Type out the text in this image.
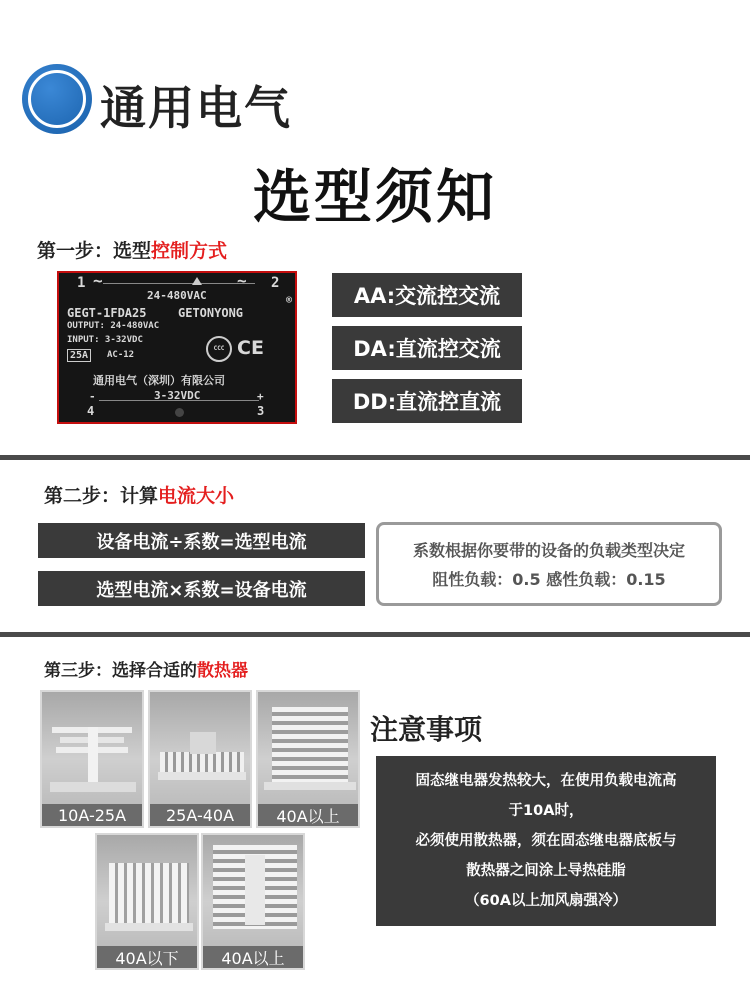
通用电气
选型须知
第一步：选型控制方式
1 ~	~ 2
24-480VAC
GEGT-1FDA25	GETONYONG
®
OUTPUT: 24-480VAC
INPUT: 3-32VDC
25A	AC-12
CCC CE
通用电气（深圳）有限公司
3-32VDC
-
4
+
3
AA:交流控交流
DA:直流控交流
DD:直流控直流
第二步：计算电流大小
设备电流÷系数=选型电流
选型电流×系数=设备电流
系数根据你要带的设备的负载类型决定
阻性负载：0.5 感性负载：0.15
第三步：选择合适的散热器
10A-25A	25A-40A	40A以上
40A以下	40A以上
注意事项
固态继电器发热较大，在使用负载电流高
于10A时，
必须使用散热器，须在固态继电器底板与
散热器之间涂上导热硅脂
（60A以上加风扇强冷）
